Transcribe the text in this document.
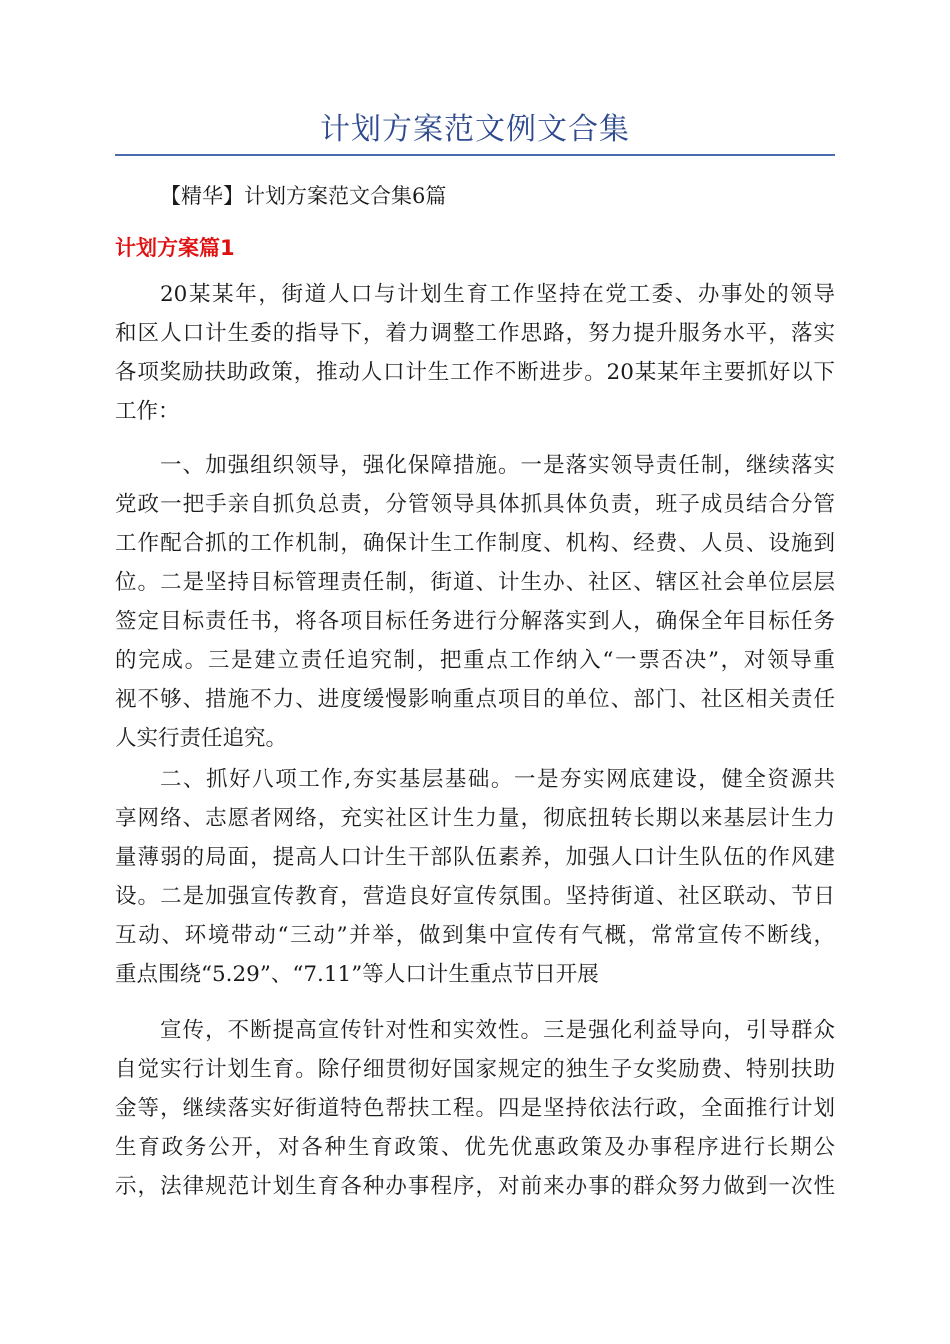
计划方案范文例文合集
【精华】计划方案范文合集6篇
计划方案篇1
20某某年，街道人口与计划生育工作坚持在党工委、办事处的领导
和区人口计生委的指导下，着力调整工作思路，努力提升服务水平，落实
各项奖励扶助政策，推动人口计生工作不断进步。20某某年主要抓好以下
工作：
一、加强组织领导，强化保障措施。一是落实领导责任制，继续落实
党政一把手亲自抓负总责，分管领导具体抓具体负责，班子成员结合分管
工作配合抓的工作机制，确保计生工作制度、机构、经费、人员、设施到
位。二是坚持目标管理责任制，街道、计生办、社区、辖区社会单位层层
签定目标责任书，将各项目标任务进行分解落实到人，确保全年目标任务
的完成。三是建立责任追究制，把重点工作纳入“一票否决”，对领导重
视不够、措施不力、进度缓慢影响重点项目的单位、部门、社区相关责任
人实行责任追究。
二、抓好八项工作,夯实基层基础。一是夯实网底建设，健全资源共
享网络、志愿者网络，充实社区计生力量，彻底扭转长期以来基层计生力
量薄弱的局面，提高人口计生干部队伍素养，加强人口计生队伍的作风建
设。二是加强宣传教育，营造良好宣传氛围。坚持街道、社区联动、节日
互动、环境带动“三动”并举，做到集中宣传有气概，常常宣传不断线，
重点围绕“5.29”、“7.11”等人口计生重点节日开展
宣传，不断提高宣传针对性和实效性。三是强化利益导向，引导群众
自觉实行计划生育。除仔细贯彻好国家规定的独生子女奖励费、特别扶助
金等，继续落实好街道特色帮扶工程。四是坚持依法行政，全面推行计划
生育政务公开，对各种生育政策、优先优惠政策及办事程序进行长期公
示，法律规范计划生育各种办事程序，对前来办事的群众努力做到一次性
